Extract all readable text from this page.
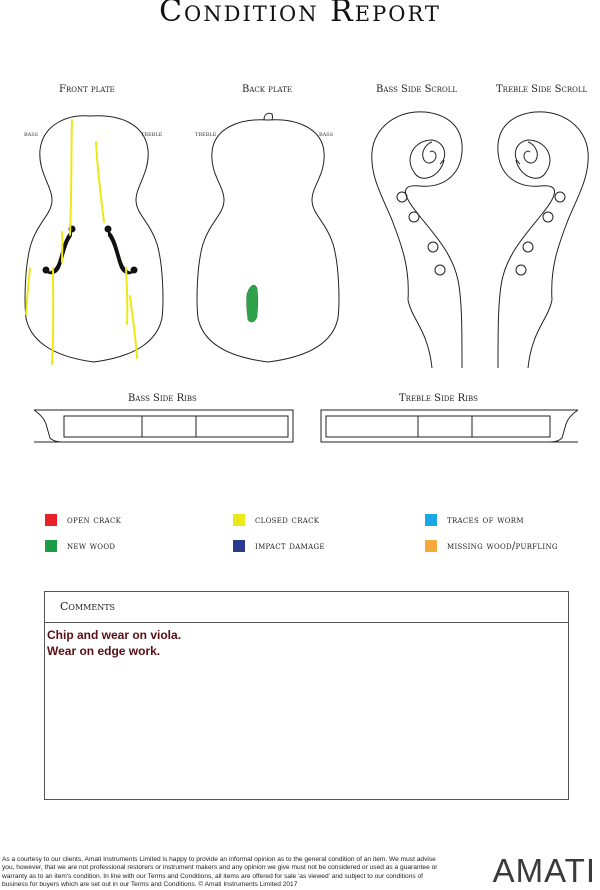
Condition Report
Front plate	Back plate	Bass Side Scroll	Treble Side Scroll
bass	treble	treble	bass
Bass Side Ribs	Treble Side Ribs
open crack	closed crack	traces of worm
new wood	impact damage	missing wood/purfling
Comments
Chip and wear on viola.
Wear on edge work.
As a courtesy to our clients, Amati Instruments Limited is happy to provide an informal opinion as to the general condition of an item. We must advise you, however, that we are not professional restorers or instrument makers and any opinion we give must not be considered or used as a guarantee or warranty as to an item's condition. In line with our Terms and Conditions, all items are offered for sale 'as viewed' and subject to our conditions of business for buyers which are set out in our Terms and Conditions. © Amati Instruments Limited 2017	AMATI
